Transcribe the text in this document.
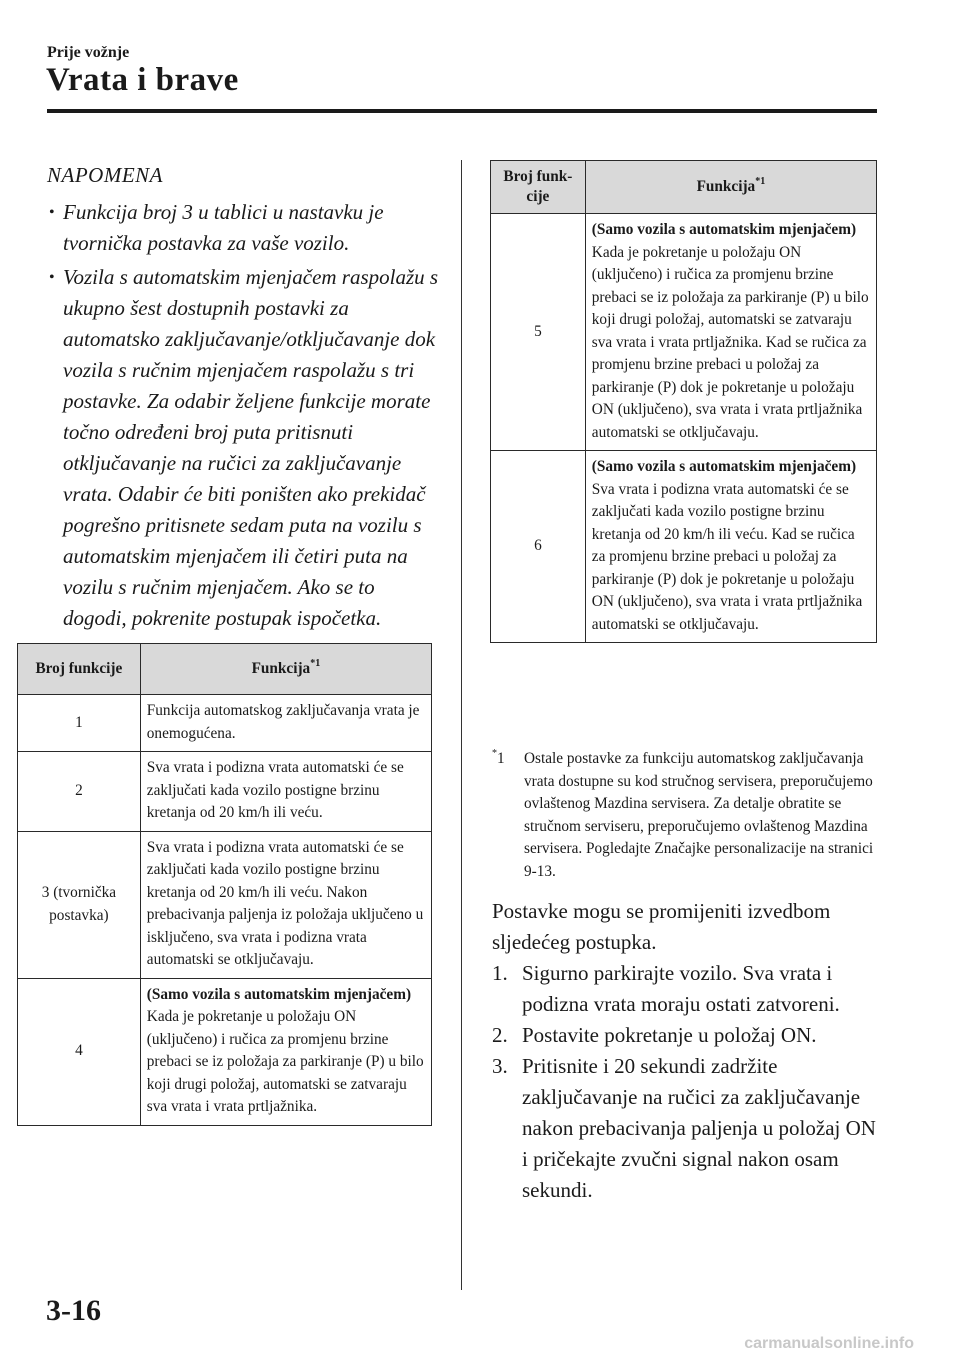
Prije vožnje
Vrata i brave
NAPOMENA
• Funkcija broj 3 u tablici u nastavku je tvornička postavka za vaše vozilo.
• Vozila s automatskim mjenjačem raspolažu s ukupno šest dostupnih postavki za automatsko zaključavanje/otključavanje dok vozila s ručnim mjenjačem raspolažu s tri postavke. Za odabir željene funkcije morate točno određeni broj puta pritisnuti otključavanje na ručici za zaključavanje vrata. Odabir će biti poništen ako prekidač pogrešno pritisnete sedam puta na vozilu s automatskim mjenjačem ili četiri puta na vozilu s ručnim mjenjačem. Ako se to dogodi, pokrenite postupak ispočetka.
Broj funkcije	Funkcija$^{*1}$
1	Funkcija automatskog zaključavanja vrata je onemogućena.
2	Sva vrata i podizna vrata automatski će se zaključati kada vozilo postigne brzinu kretanja od 20 km/h ili veću.
3 (tvornička postavka)	Sva vrata i podizna vrata automatski će se zaključati kada vozilo postigne brzinu kretanja od 20 km/h ili veću. Nakon prebacivanja paljenja iz položaja uključeno u isključeno, sva vrata i podizna vrata automatski se otključavaju.
4	(Samo vozila s automatskim mjenjačem)
Kada je pokretanje u položaju ON (uključeno) i ručica za promjenu brzine prebaci se iz položaja za parkiranje (P) u bilo koji drugi položaj, automatski se zatvaraju sva vrata i vrata prtljažnika.
Broj funkcije	Funkcija$^{*1}$
5	(Samo vozila s automatskim mjenjačem)
Kada je pokretanje u položaju ON (uključeno) i ručica za promjenu brzine prebaci se iz položaja za parkiranje (P) u bilo koji drugi položaj, automatski se zatvaraju sva vrata i vrata prtljažnika. Kad se ručica za promjenu brzine prebaci u položaj za parkiranje (P) dok je pokretanje u položaju ON (uključeno), sva vrata i vrata prtljažnika automatski se otključavaju.
6	(Samo vozila s automatskim mjenjačem)
Sva vrata i podizna vrata automatski će se zaključati kada vozilo postigne brzinu kretanja od 20 km/h ili veću. Kad se ručica za promjenu brzine prebaci u položaj za parkiranje (P) dok je pokretanje u položaju ON (uključeno), sva vrata i vrata prtljažnika automatski se otključavaju.
*1 Ostale postavke za funkciju automatskog zaključavanja vrata dostupne su kod stručnog servisera, preporučujemo ovlaštenog Mazdina servisera. Za detalje obratite se stručnom serviseru, preporučujemo ovlaštenog Mazdina servisera. Pogledajte Značajke personalizacije na stranici 9-13.
Postavke mogu se promijeniti izvedbom sljedećeg postupka.
1. Sigurno parkirajte vozilo. Sva vrata i podizna vrata moraju ostati zatvoreni.
2. Postavite pokretanje u položaj ON.
3. Pritisnite i 20 sekundi zadržite zaključavanje na ručici za zaključavanje nakon prebacivanja paljenja u položaj ON i pričekajte zvučni signal nakon osam sekundi.
3-16
carmanualsonline.info
